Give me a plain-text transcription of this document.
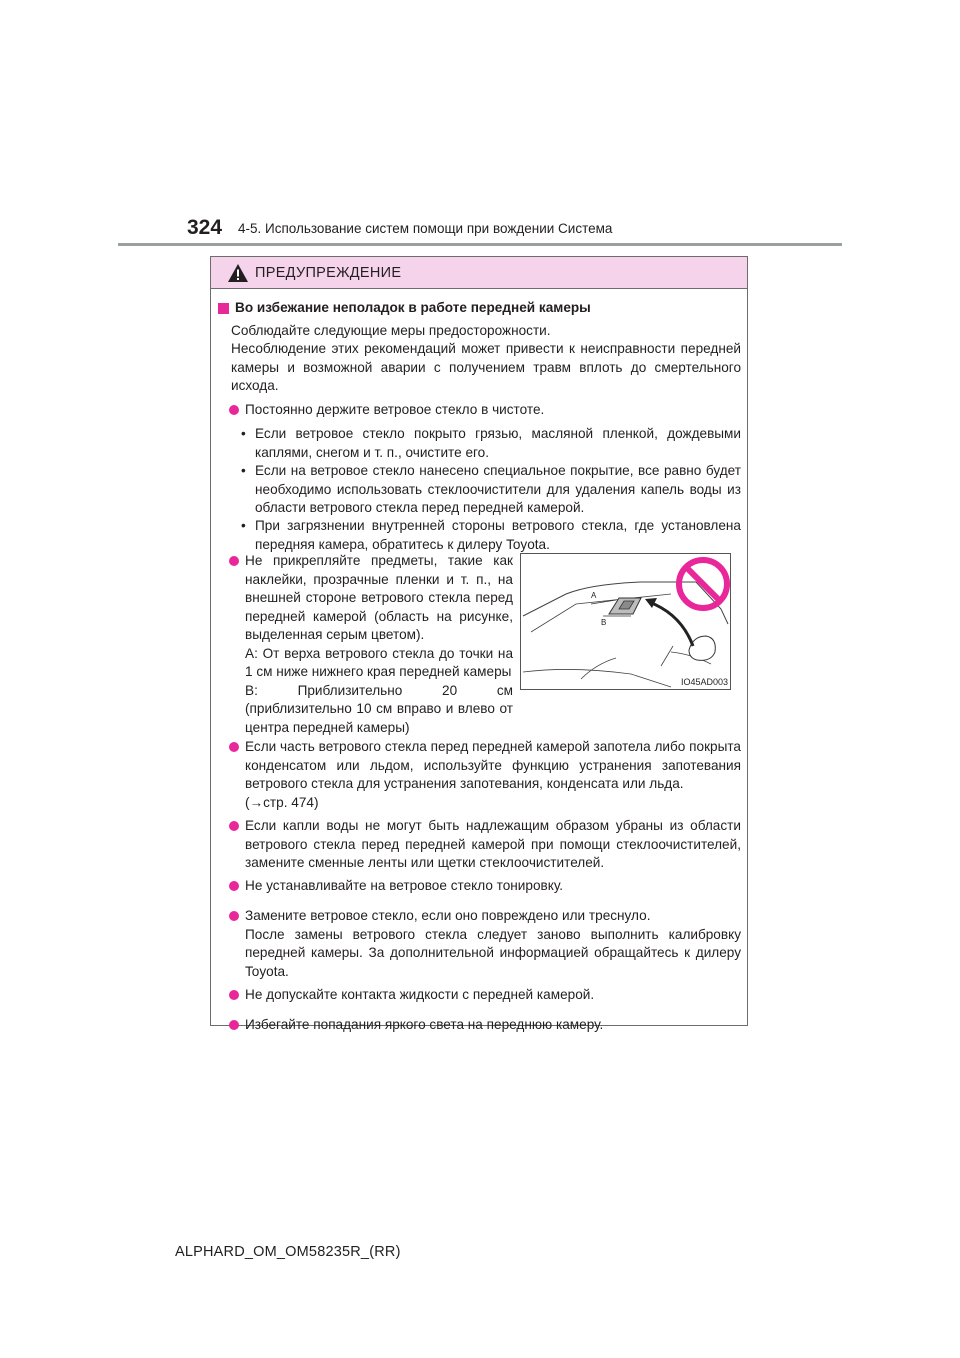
324 4-5. Использование систем помощи при вождении Система
ПРЕДУПРЕЖДЕНИЕ
Во избежание неполадок в работе передней камеры
Соблюдайте следующие меры предосторожности.
Несоблюдение этих рекомендаций может привести к неисправности передней камеры и возможной аварии с получением травм вплоть до смертельного исхода.
Постоянно держите ветровое стекло в чистоте.
• Если ветровое стекло покрыто грязью, масляной пленкой, дождевыми каплями, снегом и т. п., очистите его.
• Если на ветровое стекло нанесено специальное покрытие, все равно будет необходимо использовать стеклоочистители для удаления капель воды из области ветрового стекла перед передней камерой.
• При загрязнении внутренней стороны ветрового стекла, где установлена передняя камера, обратитесь к дилеру Toyota.
Не прикрепляйте предметы, такие как наклейки, прозрачные пленки и т. п., на внешней стороне ветрового стекла перед передней камерой (область на рисунке, выделенная серым цветом).
A: От верха ветрового стекла до точки на 1 см ниже нижнего края передней камеры
B: Приблизительно 20 см (приблизительно 10 см вправо и влево от центра передней камеры)
Если часть ветрового стекла перед передней камерой запотела либо покрыта конденсатом или льдом, используйте функцию устранения запотевания ветрового стекла для устранения запотевания, конденсата или льда.
(→стр. 474)
Если капли воды не могут быть надлежащим образом убраны из области ветрового стекла перед передней камерой при помощи стеклоочистителей, замените сменные ленты или щетки стеклоочистителей.
Не устанавливайте на ветровое стекло тонировку.
Замените ветровое стекло, если оно повреждено или треснуло.
После замены ветрового стекла следует заново выполнить калибровку передней камеры. За дополнительной информацией обращайтесь к дилеру Toyota.
Не допускайте контакта жидкости с передней камерой.
Избегайте попадания яркого света на переднюю камеру.
A
B
IO45AD003
ALPHARD_OM_OM58235R_(RR)
